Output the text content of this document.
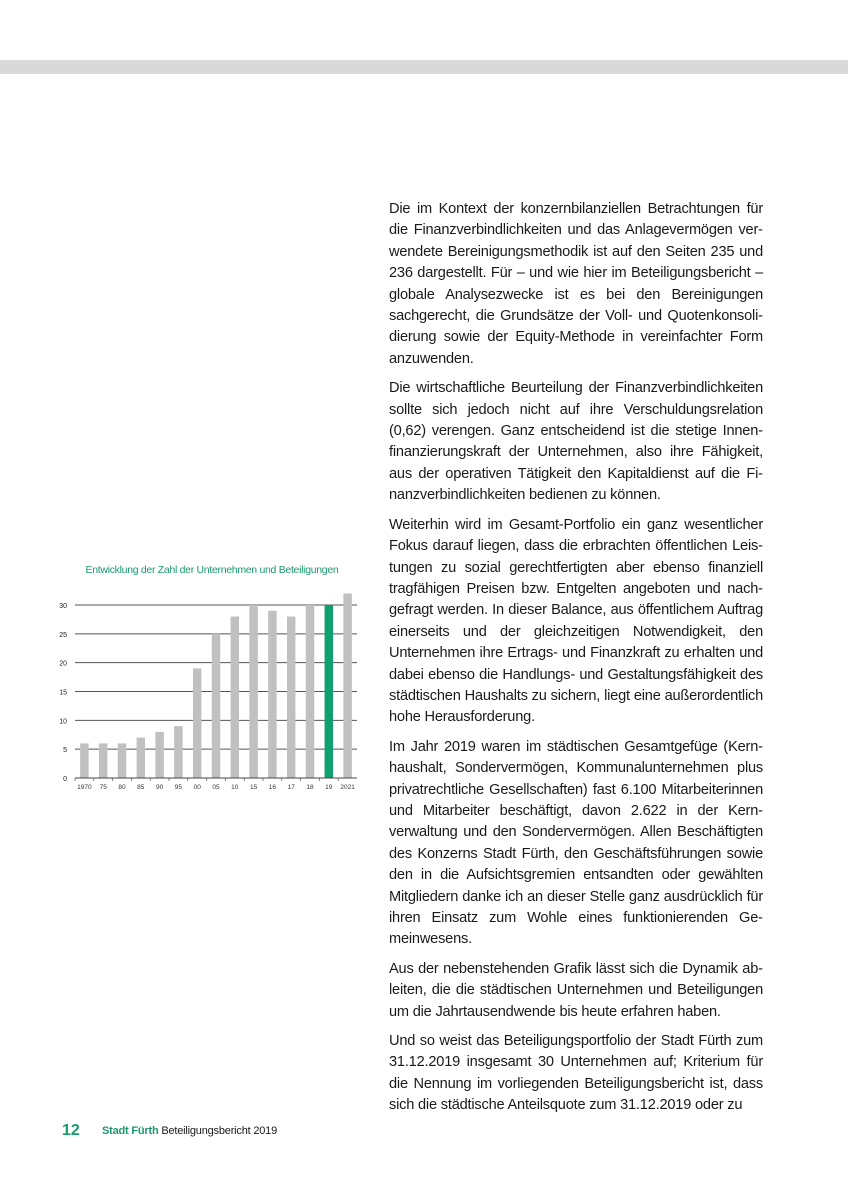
Die im Kontext der konzernbilanziellen Betrachtungen für die Finanzverbindlichkeiten und das Anlagevermögen verwendete Bereinigungsmethodik ist auf den Seiten 235 und 236 dargestellt. Für – und wie hier im Beteiligungsbericht – globale Analysezwecke ist es bei den Bereinigungen sachgerecht, die Grundsätze der Voll- und Quotenkonsolidierung sowie der Equity-Methode in vereinfachter Form anzuwenden.

Die wirtschaftliche Beurteilung der Finanzverbindlichkeiten sollte sich jedoch nicht auf ihre Verschuldungsrelation (0,62) verengen. Ganz entscheidend ist die stetige Innenfinanzierungskraft der Unternehmen, also ihre Fähigkeit, aus der operativen Tätigkeit den Kapitaldienst auf die Finanzverbindlichkeiten bedienen zu können.

Weiterhin wird im Gesamt-Portfolio ein ganz wesentlicher Fokus darauf liegen, dass die erbrachten öffentlichen Leistungen zu sozial gerechtfertigten aber ebenso finanziell tragfähigen Preisen bzw. Entgelten angeboten und nachgefragt werden. In dieser Balance, aus öffentlichem Auftrag einerseits und der gleichzeitigen Notwendigkeit, den Unternehmen ihre Ertrags- und Finanzkraft zu erhalten und dabei ebenso die Handlungs- und Gestaltungsfähigkeit des städtischen Haushalts zu sichern, liegt eine außerordentlich hohe Herausforderung.

Im Jahr 2019 waren im städtischen Gesamtgefüge (Kernhaushalt, Sondervermögen, Kommunalunternehmen plus privatrechtliche Gesellschaften) fast 6.100 Mitarbeiterinnen und Mitarbeiter beschäftigt, davon 2.622 in der Kernverwaltung und den Sondervermögen. Allen Beschäftigten des Konzerns Stadt Fürth, den Geschäftsführungen sowie den in die Aufsichtsgremien entsandten oder gewählten Mitgliedern danke ich an dieser Stelle ganz ausdrücklich für ihren Einsatz zum Wohle eines funktionierenden Gemeinwesens.

Aus der nebenstehenden Grafik lässt sich die Dynamik ableiten, die die städtischen Unternehmen und Beteiligungen um die Jahrtausendwende bis heute erfahren haben.

Und so weist das Beteiligungsportfolio der Stadt Fürth zum 31.12.2019 insgesamt 30 Unternehmen auf; Kriterium für die Nennung im vorliegenden Beteiligungsbericht ist, dass sich die städtische Anteilsquote zum 31.12.2019 oder zu

Entwicklung der Zahl der Unternehmen und Beteiligungen
0
5
10
15
20
25
30
1970 75 80 85 90 95 00 05 10 15 16 17 18 19 2021
12 Stadt Fürth Beteiligungsbericht 2019
